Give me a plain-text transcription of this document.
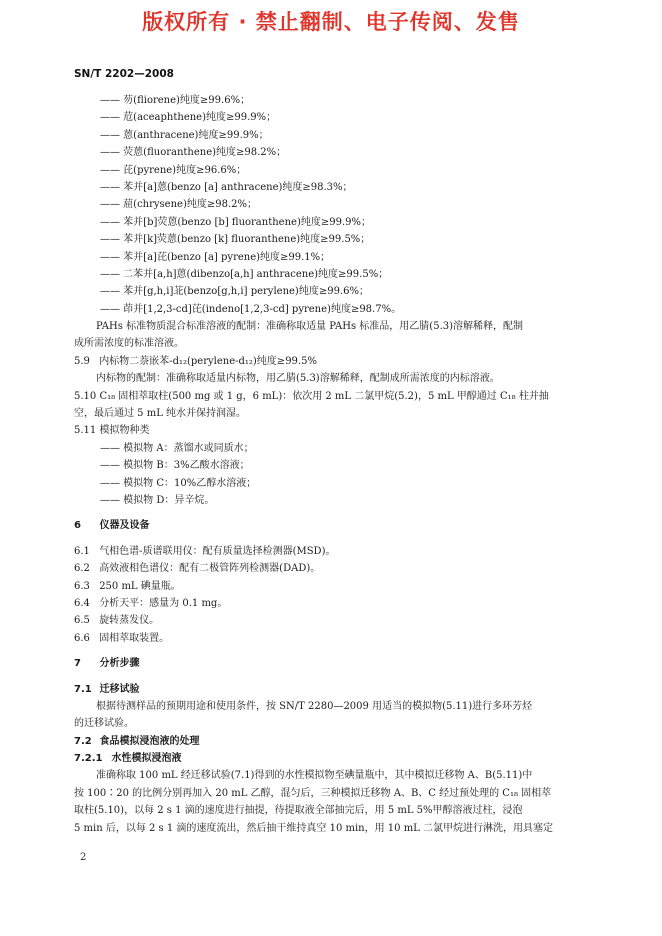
版权所有 · 禁止翻制、电子传阅、发售
SN/T 2202—2008
—— 芴(fliorene)纯度≥99.6%；
—— 苊(aceaphthene)纯度≥99.9%；
—— 蒽(anthracene)纯度≥99.9%；
—— 荧蒽(fluoranthene)纯度≥98.2%；
—— 芘(pyrene)纯度≥96.6%；
—— 苯并[a]蒽(benzo [a] anthracene)纯度≥98.3%；
—— 䓛(chrysene)纯度≥98.2%；
—— 苯并[b]荧蒽(benzo [b] fluoranthene)纯度≥99.9%；
—— 苯并[k]荧蒽(benzo [k] fluoranthene)纯度≥99.5%；
—— 苯并[a]芘(benzo [a] pyrene)纯度≥99.1%；
—— 二苯并[a,h]蒽(dibenzo[a,h] anthracene)纯度≥99.5%；
—— 苯并[g,h,i]苝(benzo[g,h,i] perylene)纯度≥99.6%；
—— 茚并[1,2,3-cd]芘(indeno[1,2,3-cd] pyrene)纯度≥98.7%。
PAHs 标准物质混合标准溶液的配制：准确称取适量 PAHs 标准品，用乙腈(5.3)溶解稀释，配制
成所需浓度的标准溶液。
5.9 内标物二萘嵌苯-d₁₂(perylene-d₁₂)纯度≥99.5%
内标物的配制：准确称取适量内标物，用乙腈(5.3)溶解稀释，配制成所需浓度的内标溶液。
5.10 C₁₈ 固相萃取柱(500 mg 或 1 g，6 mL)：依次用 2 mL 二氯甲烷(5.2)，5 mL 甲醇通过 C₁₈ 柱并抽
空，最后通过 5 mL 纯水并保持润湿。
5.11 模拟物种类
—— 模拟物 A：蒸馏水或同质水；
—— 模拟物 B：3%乙酸水溶液；
—— 模拟物 C：10%乙醇水溶液；
—— 模拟物 D：异辛烷。
6 仪器及设备
6.1 气相色谱-质谱联用仪：配有质量选择检测器(MSD)。
6.2 高效液相色谱仪：配有二极管阵列检测器(DAD)。
6.3 250 mL 碘量瓶。
6.4 分析天平：感量为 0.1 mg。
6.5 旋转蒸发仪。
6.6 固相萃取装置。
7 分析步骤
7.1 迁移试验
根据待测样品的预期用途和使用条件，按 SN/T 2280—2009 用适当的模拟物(5.11)进行多环芳烃
的迁移试验。
7.2 食品模拟浸泡液的处理
7.2.1 水性模拟浸泡液
准确称取 100 mL 经迁移试验(7.1)得到的水性模拟物至碘量瓶中，其中模拟迁移物 A、B(5.11)中
按 100∶20 的比例分别再加入 20 mL 乙醇，混匀后，三种模拟迁移物 A、B、C 经过预处理的 C₁₈ 固相萃
取柱(5.10)，以每 2 s 1 滴的速度进行抽提，待提取液全部抽完后，用 5 mL 5%甲醇溶液过柱，浸泡
5 min 后，以每 2 s 1 滴的速度流出，然后抽干维持真空 10 min，用 10 mL 二氯甲烷进行淋洗，用具塞定
2
